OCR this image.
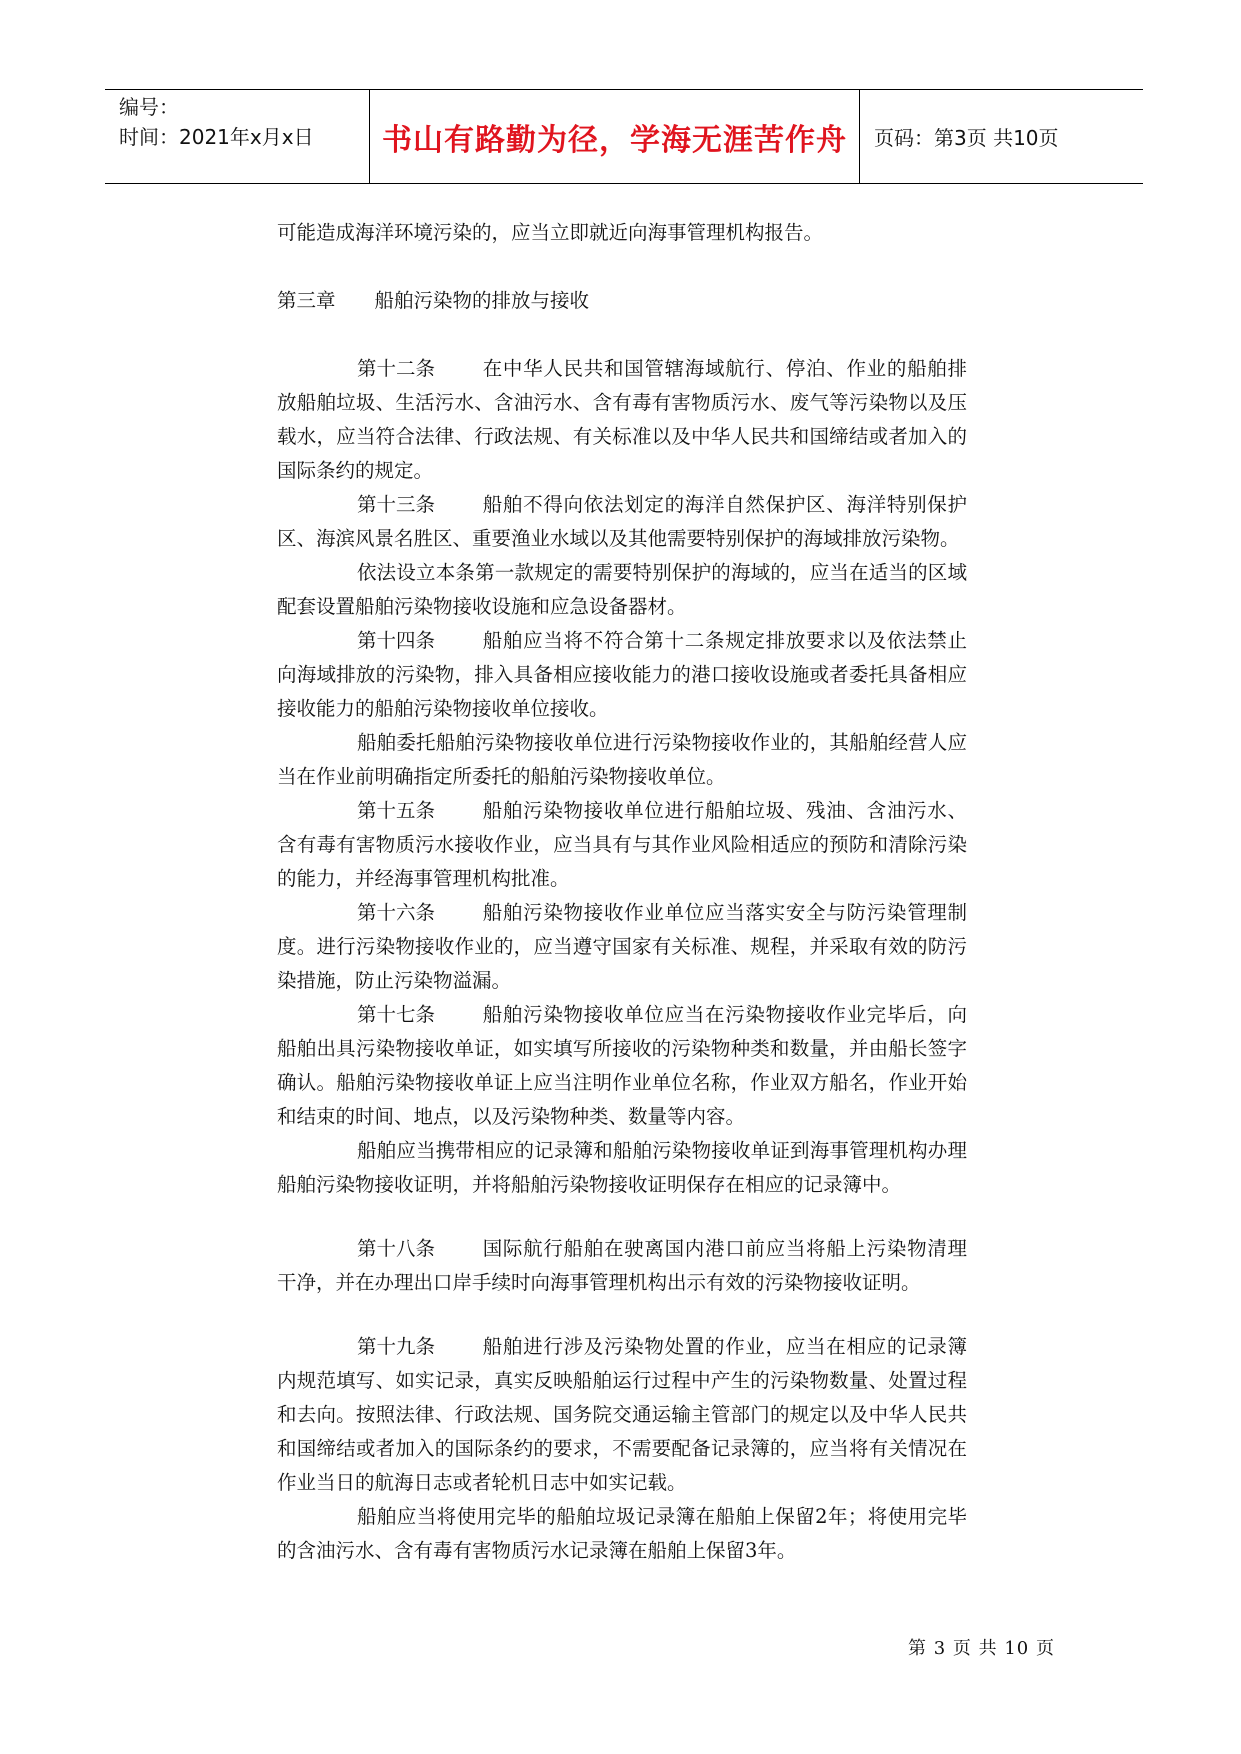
编号：
时间：2021年x月x日	书山有路勤为径，学海无涯苦作舟	页码：第3页 共10页

可能造成海洋环境污染的，应当立即就近向海事管理机构报告。

第三章　　船舶污染物的排放与接收

第十二条 在中华人民共和国管辖海域航行、停泊、作业的船舶排放船舶垃圾、生活污水、含油污水、含有毒有害物质污水、废气等污染物以及压载水，应当符合法律、行政法规、有关标准以及中华人民共和国缔结或者加入的国际条约的规定。

第十三条 船舶不得向依法划定的海洋自然保护区、海洋特别保护区、海滨风景名胜区、重要渔业水域以及其他需要特别保护的海域排放污染物。

依法设立本条第一款规定的需要特别保护的海域的，应当在适当的区域配套设置船舶污染物接收设施和应急设备器材。

第十四条 船舶应当将不符合第十二条规定排放要求以及依法禁止向海域排放的污染物，排入具备相应接收能力的港口接收设施或者委托具备相应接收能力的船舶污染物接收单位接收。

船舶委托船舶污染物接收单位进行污染物接收作业的，其船舶经营人应当在作业前明确指定所委托的船舶污染物接收单位。

第十五条 船舶污染物接收单位进行船舶垃圾、残油、含油污水、含有毒有害物质污水接收作业，应当具有与其作业风险相适应的预防和清除污染的能力，并经海事管理机构批准。

第十六条 船舶污染物接收作业单位应当落实安全与防污染管理制度。进行污染物接收作业的，应当遵守国家有关标准、规程，并采取有效的防污染措施，防止污染物溢漏。

第十七条 船舶污染物接收单位应当在污染物接收作业完毕后，向船舶出具污染物接收单证，如实填写所接收的污染物种类和数量，并由船长签字确认。船舶污染物接收单证上应当注明作业单位名称，作业双方船名，作业开始和结束的时间、地点，以及污染物种类、数量等内容。

船舶应当携带相应的记录簿和船舶污染物接收单证到海事管理机构办理船舶污染物接收证明，并将船舶污染物接收证明保存在相应的记录簿中。

第十八条 国际航行船舶在驶离国内港口前应当将船上污染物清理干净，并在办理出口岸手续时向海事管理机构出示有效的污染物接收证明。

第十九条 船舶进行涉及污染物处置的作业，应当在相应的记录簿内规范填写、如实记录，真实反映船舶运行过程中产生的污染物数量、处置过程和去向。按照法律、行政法规、国务院交通运输主管部门的规定以及中华人民共和国缔结或者加入的国际条约的要求，不需要配备记录簿的，应当将有关情况在作业当日的航海日志或者轮机日志中如实记载。

船舶应当将使用完毕的船舶垃圾记录簿在船舶上保留2年；将使用完毕的含油污水、含有毒有害物质污水记录簿在船舶上保留3年。

第 3 页 共 10 页
